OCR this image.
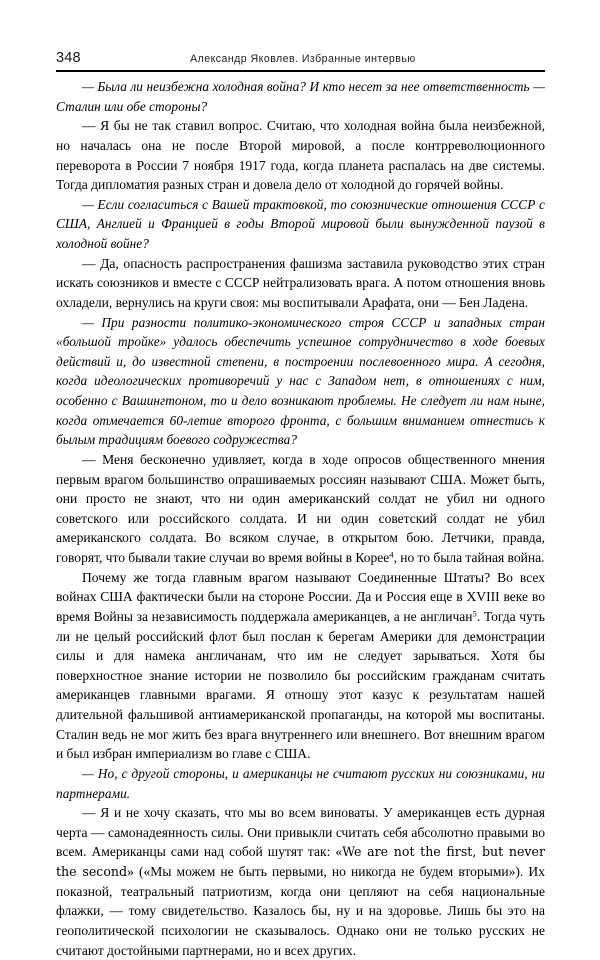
348	Александр Яковлев. Избранные интервью

— Была ли неизбежна холодная война? И кто несет за нее ответственность — Сталин или обе стороны?

— Я бы не так ставил вопрос. Считаю, что холодная война была неизбежной, но началась она не после Второй мировой, а после контрреволюционного переворота в России 7 ноября 1917 года, когда планета распалась на две системы. Тогда дипломатия разных стран и довела дело от холодной до горячей войны.

— Если согласиться с Вашей трактовкой, то союзнические отношения СССР с США, Англией и Францией в годы Второй мировой были вынужденной паузой в холодной войне?

— Да, опасность распространения фашизма заставила руководство этих стран искать союзников и вместе с СССР нейтрализовать врага. А потом отношения вновь охладели, вернулись на круги своя: мы воспитывали Арафата, они — Бен Ладена.

— При разности политико-экономического строя СССР и западных стран «большой тройке» удалось обеспечить успешное сотрудничество в ходе боевых действий и, до известной степени, в построении послевоенного мира. А сегодня, когда идеологических противоречий у нас с Западом нет, в отношениях с ним, особенно с Вашингтоном, то и дело возникают проблемы. Не следует ли нам ныне, когда отмечается 60-летие второго фронта, с большим вниманием отнестись к былым традициям боевого содружества?

— Меня бесконечно удивляет, когда в ходе опросов общественного мнения первым врагом большинство опрашиваемых россиян называют США. Может быть, они просто не знают, что ни один американский солдат не убил ни одного советского или российского солдата. И ни один советский солдат не убил американского солдата. Во всяком случае, в открытом бою. Летчики, правда, говорят, что бывали такие случаи во время войны в Корее$^4$, но то была тайная война.

Почему же тогда главным врагом называют Соединенные Штаты? Во всех войнах США фактически были на стороне России. Да и Россия еще в XVIII веке во время Войны за независимость поддержала американцев, а не англичан$^5$. Тогда чуть ли не целый российский флот был послан к берегам Америки для демонстрации силы и для намека англичанам, что им не следует зарываться. Хотя бы поверхностное знание истории не позволило бы российским гражданам считать американцев главными врагами. Я отношу этот казус к результатам нашей длительной фальшивой антиамериканской пропаганды, на которой мы воспитаны. Сталин ведь не мог жить без врага внутреннего или внешнего. Вот внешним врагом и был избран империализм во главе с США.

— Но, с другой стороны, и американцы не считают русских ни союзниками, ни партнерами.

— Я и не хочу сказать, что мы во всем виноваты. У американцев есть дурная черта — самонадеянность силы. Они привыкли считать себя абсолютно правыми во всем. Американцы сами над собой шутят так: «We are not the first, but never the second» («Мы можем не быть первыми, но никогда не будем вторыми»). Их показной, театральный патриотизм, когда они цепляют на себя национальные флажки, — тому свидетельство. Казалось бы, ну и на здоровье. Лишь бы это на геополитической психологии не сказывалось. Однако они не только русских не считают достойными партнерами, но и всех других.
